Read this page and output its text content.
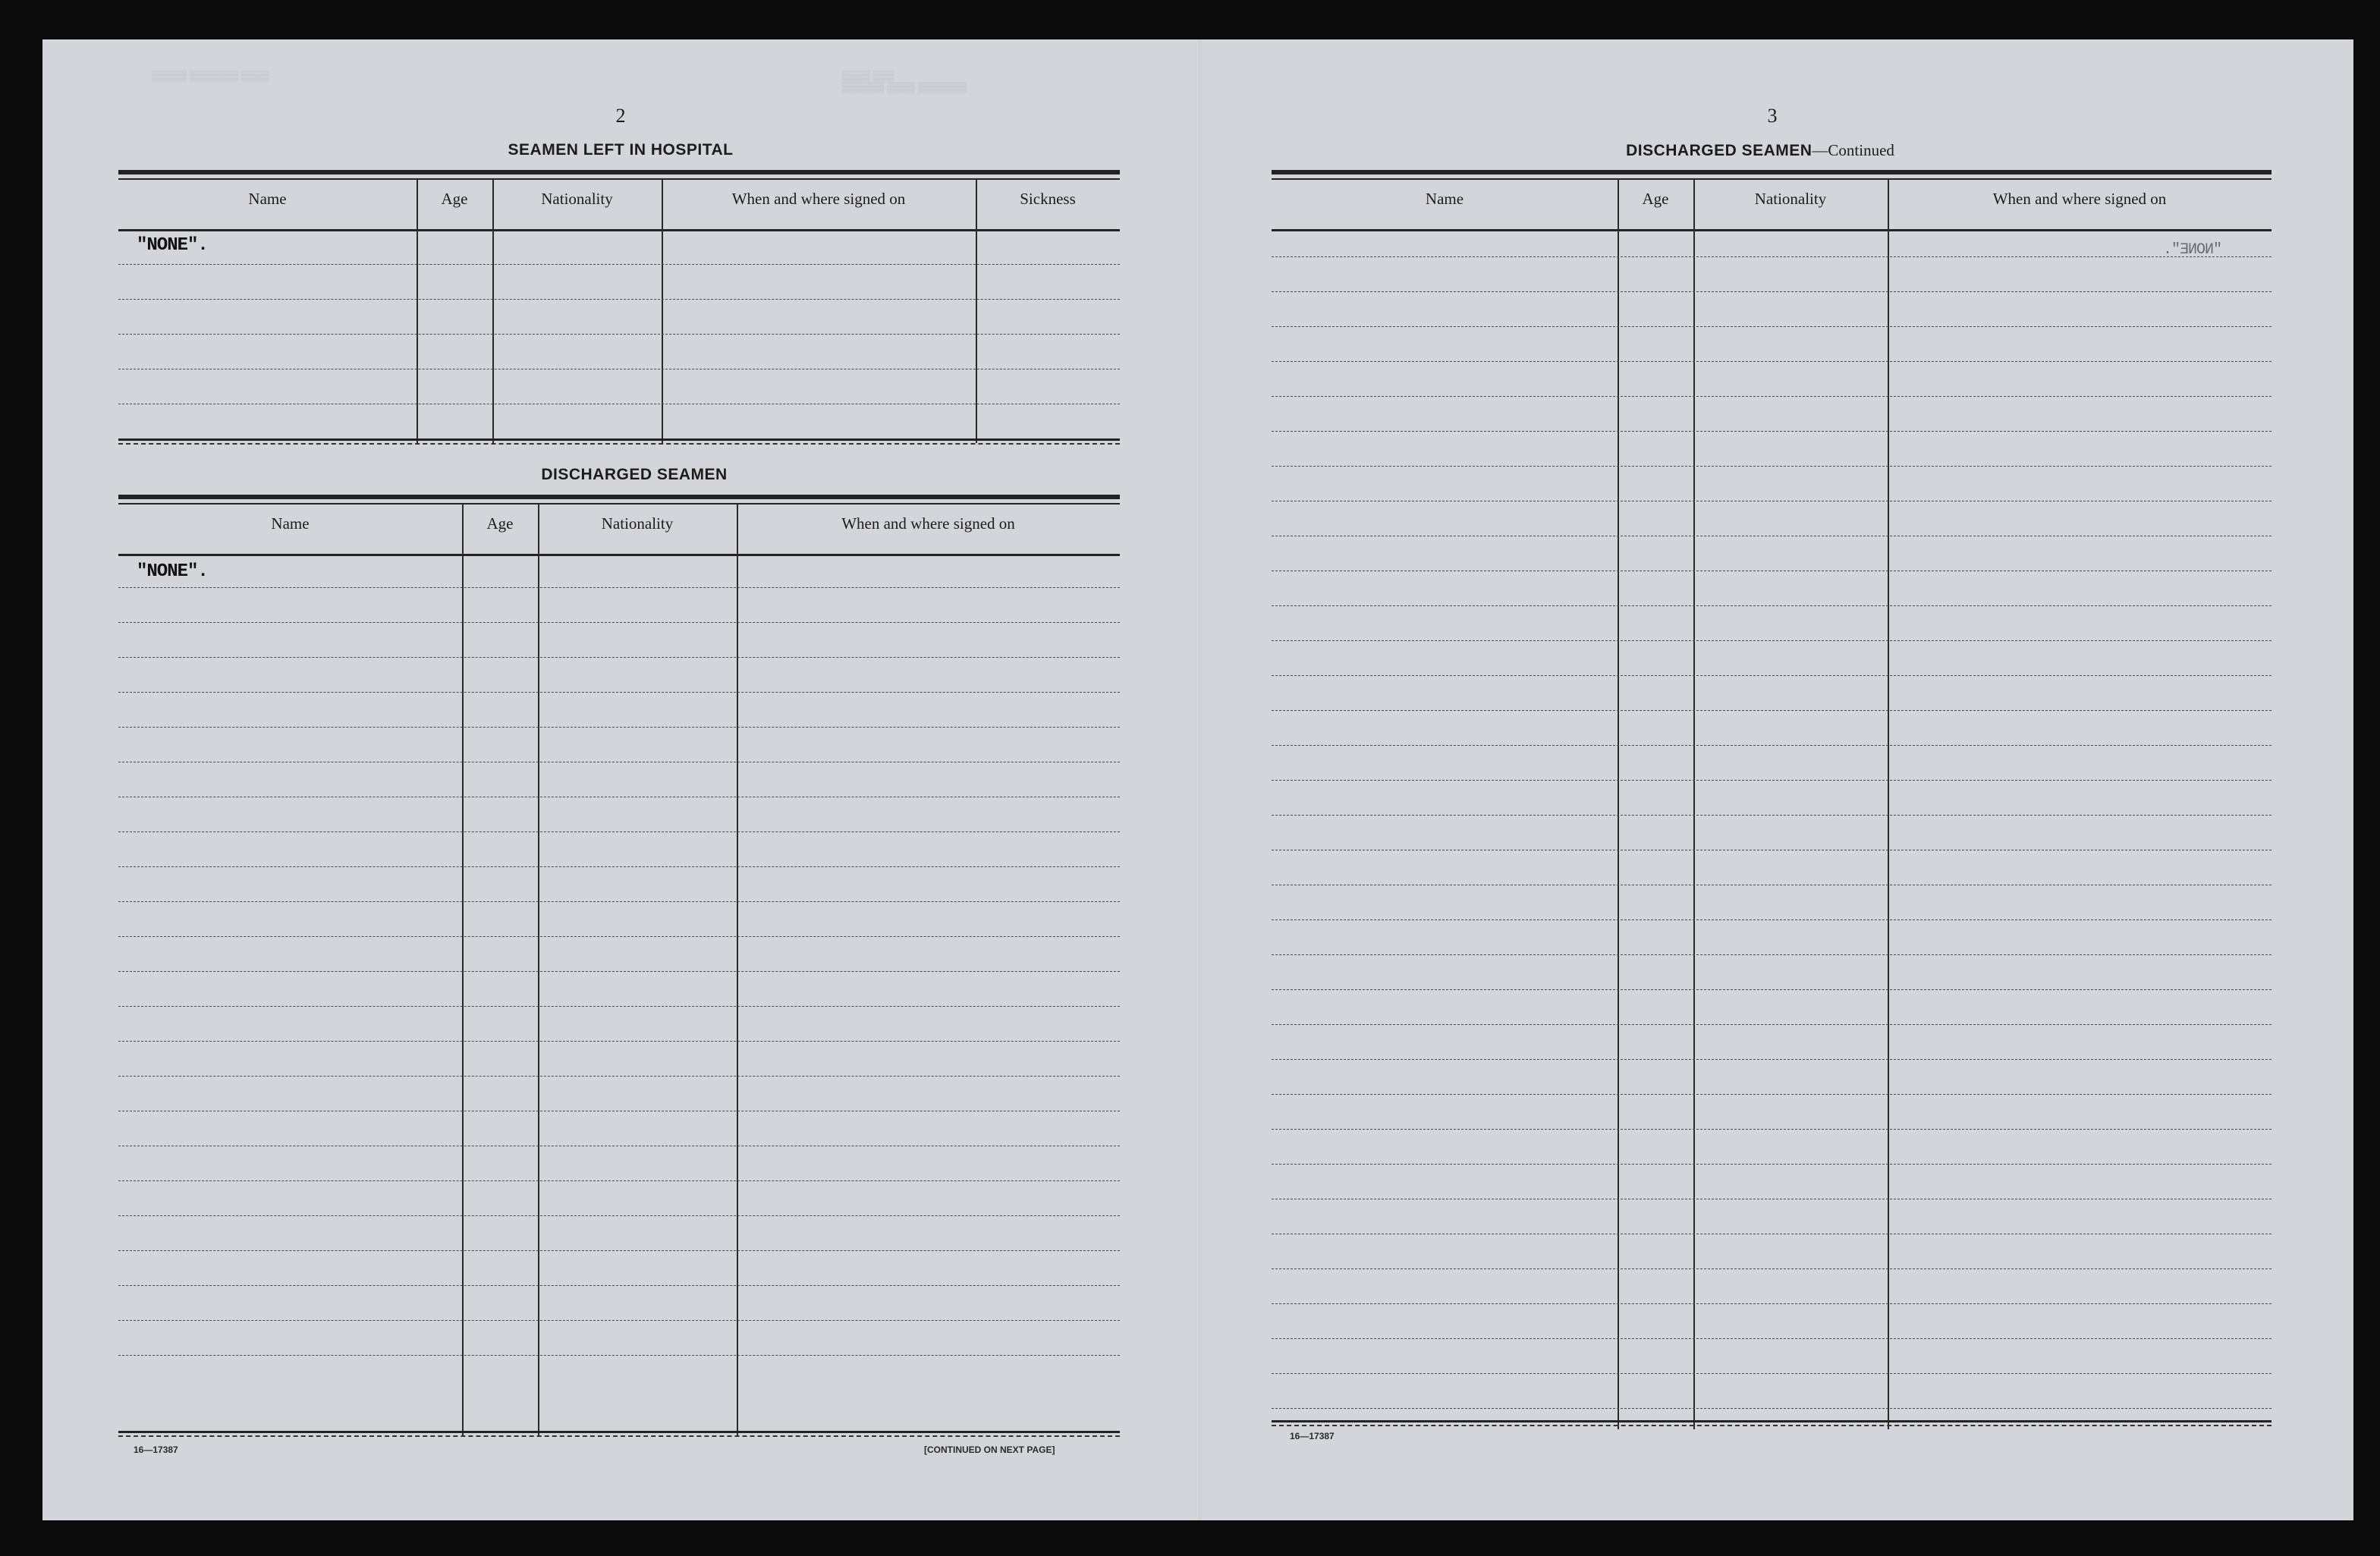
▒▒▒▒▒ ▒▒▒▒▒▒▒ ▒▒▒▒	▒▒▒▒ ▒▒▒
▒▒▒▒▒▒ ▒▒▒▒ ▒▒▒▒▒▒▒
2
SEAMEN LEFT IN HOSPITAL
Name	Age	Nationality	When and where signed on	Sickness
"NONE".
DISCHARGED SEAMEN
Name	Age	Nationality	When and where signed on
"NONE".
16—17387	[CONTINUED ON NEXT PAGE]
3
DISCHARGED SEAMEN—Continued
Name	Age	Nationality	When and where signed on
"NONE".
16—17387
